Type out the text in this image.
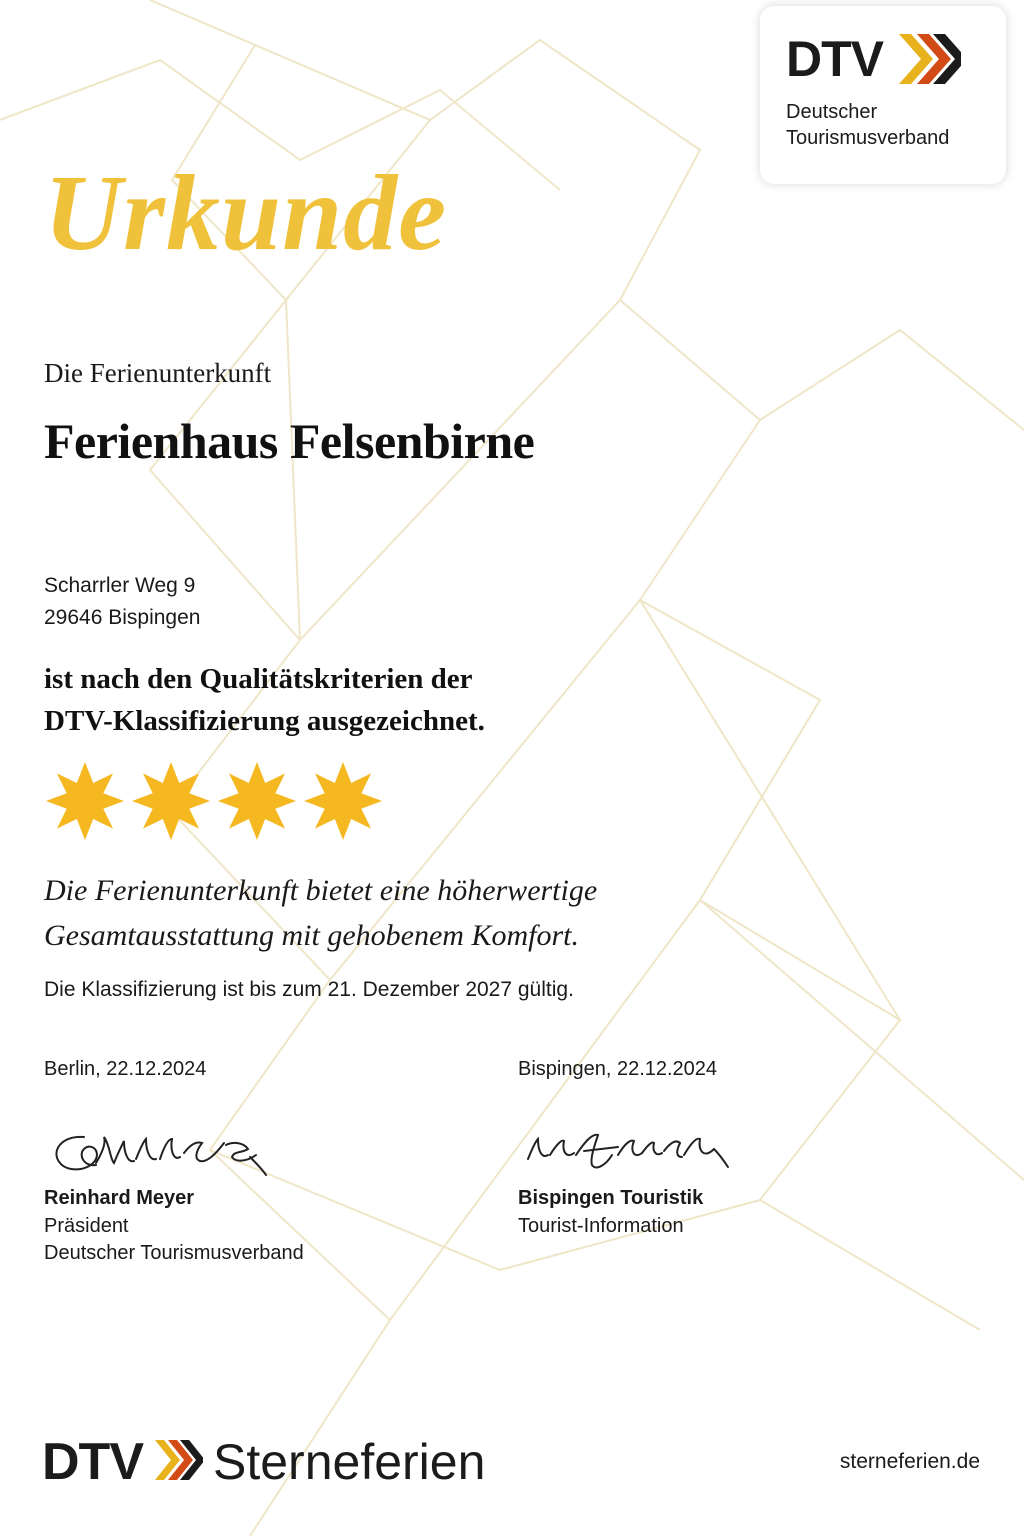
DTV
Deutscher
Tourismusverband
Urkunde
Die Ferienunterkunft
Ferienhaus Felsenbirne
Scharrler Weg 9
29646 Bispingen
ist nach den Qualitätskriterien der
DTV-Klassifizierung ausgezeichnet.
Die Ferienunterkunft bietet eine höherwertige
Gesamtausstattung mit gehobenem Komfort.
Die Klassifizierung ist bis zum 21. Dezember 2027 gültig.
Berlin, 22.12.2024
Reinhard Meyer
Präsident
Deutscher Tourismusverband
Bispingen, 22.12.2024
Bispingen Touristik
Tourist-Information
DTV Sterneferien	sterneferien.de
